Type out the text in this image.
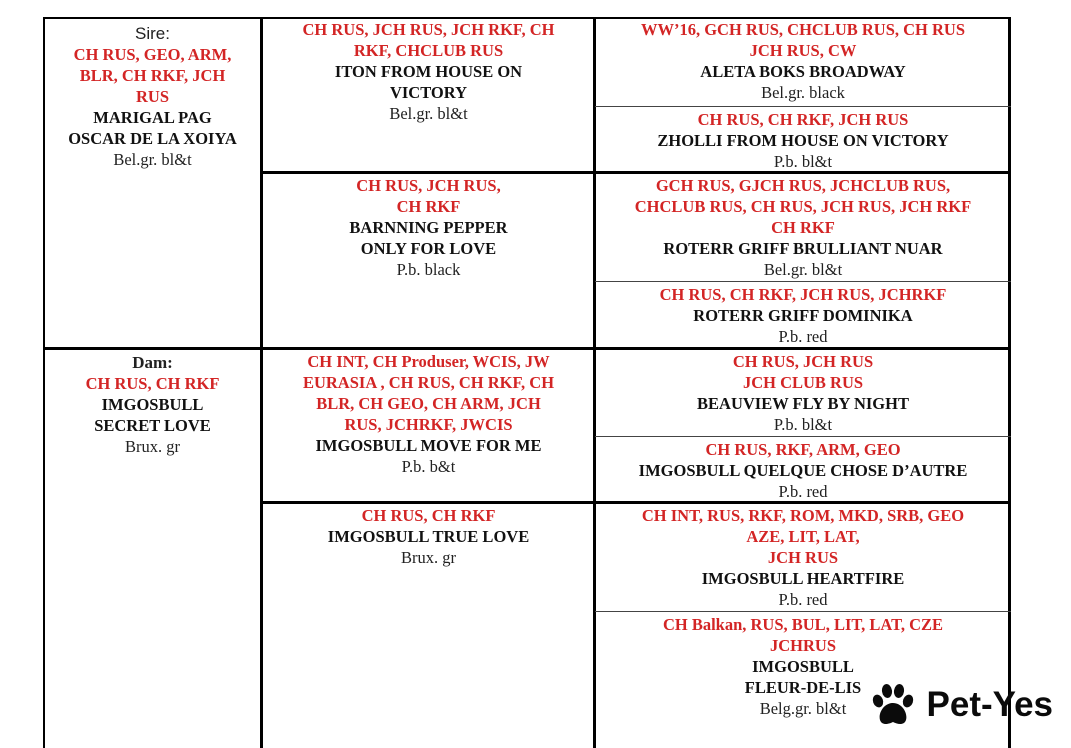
Sire:
CH RUS, GEO, ARM,
BLR, CH RKF, JCH
RUS
MARIGAL PAG
OSCAR DE LA XOIYA
Bel.gr. bl&t
Dam:
CH RUS, CH RKF
IMGOSBULL
SECRET LOVE
Brux. gr
CH RUS, JCH RUS, JCH RKF, CH
RKF, CHCLUB RUS
ITON FROM HOUSE ON
VICTORY
Bel.gr. bl&t
CH RUS, JCH RUS,
CH RKF
BARNNING PEPPER
ONLY FOR LOVE
P.b. black
CH INT, CH Produser, WCIS, JW
EURASIA , CH RUS, CH RKF, CH
BLR, CH GEO, CH ARM, JCH
RUS, JCHRKF, JWCIS
IMGOSBULL MOVE FOR ME
P.b. b&t
CH RUS, CH RKF
IMGOSBULL TRUE LOVE
Brux. gr
WW’16, GCH RUS, CHCLUB RUS, CH RUS
JCH RUS, CW
ALETA BOKS BROADWAY
Bel.gr. black
CH RUS, CH RKF, JCH RUS
ZHOLLI FROM HOUSE ON VICTORY
P.b. bl&t
GCH RUS, GJCH RUS, JCHCLUB RUS,
CHCLUB RUS, CH RUS, JCH RUS, JCH RKF
CH RKF
ROTERR GRIFF BRULLIANT NUAR
Bel.gr. bl&t
CH RUS, CH RKF, JCH RUS, JCHRKF
ROTERR GRIFF DOMINIKA
P.b. red
CH RUS, JCH RUS
JCH CLUB RUS
BEAUVIEW FLY BY NIGHT
P.b. bl&t
CH RUS, RKF, ARM, GEO
IMGOSBULL QUELQUE CHOSE D’AUTRE
P.b. red
CH INT, RUS, RKF, ROM, MKD, SRB, GEO
AZE, LIT, LAT,
JCH RUS
IMGOSBULL HEARTFIRE
P.b. red
CH Balkan, RUS, BUL, LIT, LAT, CZE
JCHRUS
IMGOSBULL
FLEUR-DE-LIS
Belg.gr. bl&t	Pet-Yes
